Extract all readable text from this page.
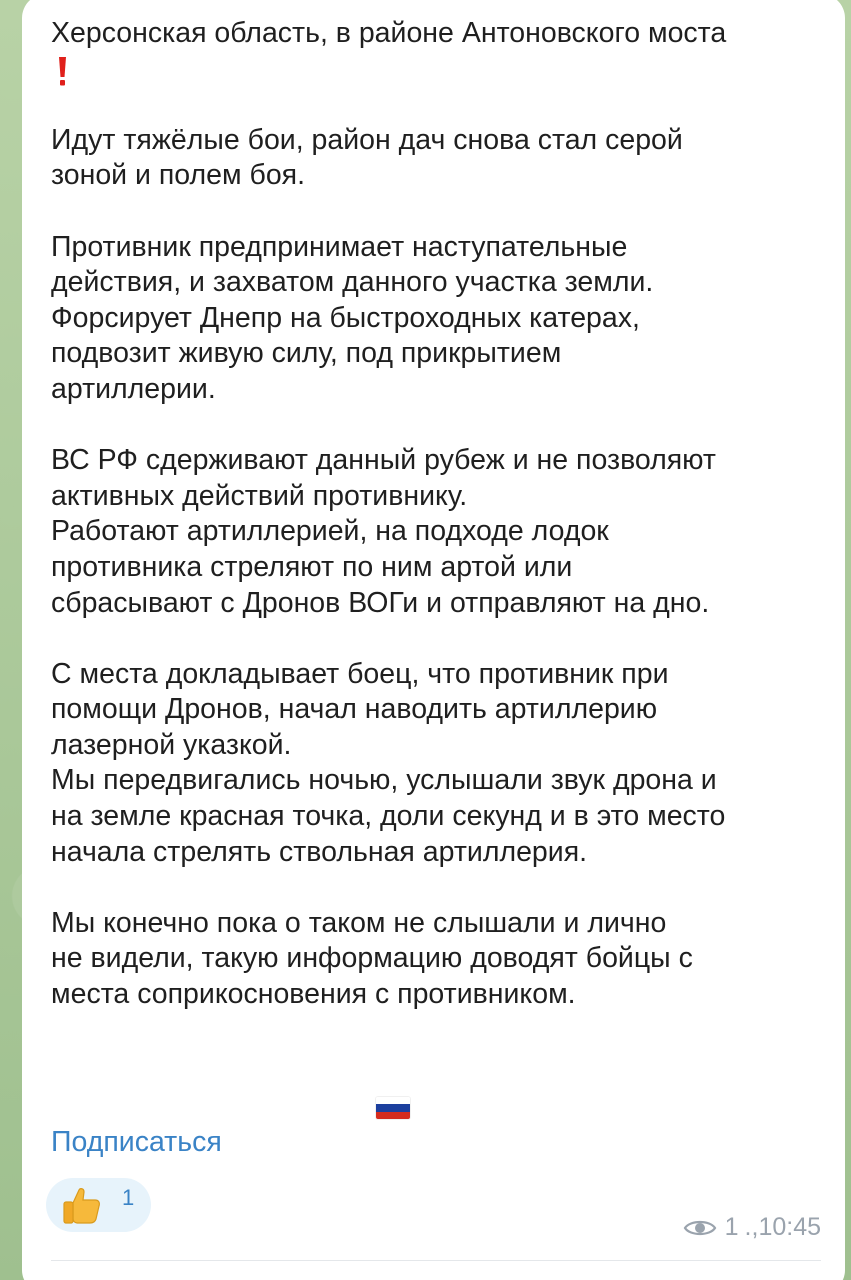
Херсонская область, в районе Антоновского моста

Идут тяжёлые бои, район дач снова стал серой
зоной и полем боя.

Противник предпринимает наступательные
действия, и захватом данного участка земли.
Форсирует Днепр на быстроходных катерах,
подвозит живую силу, под прикрытием
артиллерии.

ВС РФ сдерживают данный рубеж и не позволяют
активных действий противнику.
Работают артиллерией, на подходе лодок
противника стреляют по ним артой или
сбрасывают с Дронов ВОГи и отправляют на дно.

С места докладывает боец, что противник при
помощи Дронов, начал наводить артиллерию
лазерной указкой.
Мы передвигались ночью, услышали звук дрона и
на земле красная точка, доли секунд и в это место
начала стрелять ствольная артиллерия.

Мы конечно пока о таком не слышали и лично
не видели, такую информацию доводят бойцы с
места соприкосновения с противником.

Подписаться
1
1 ., 10:45
